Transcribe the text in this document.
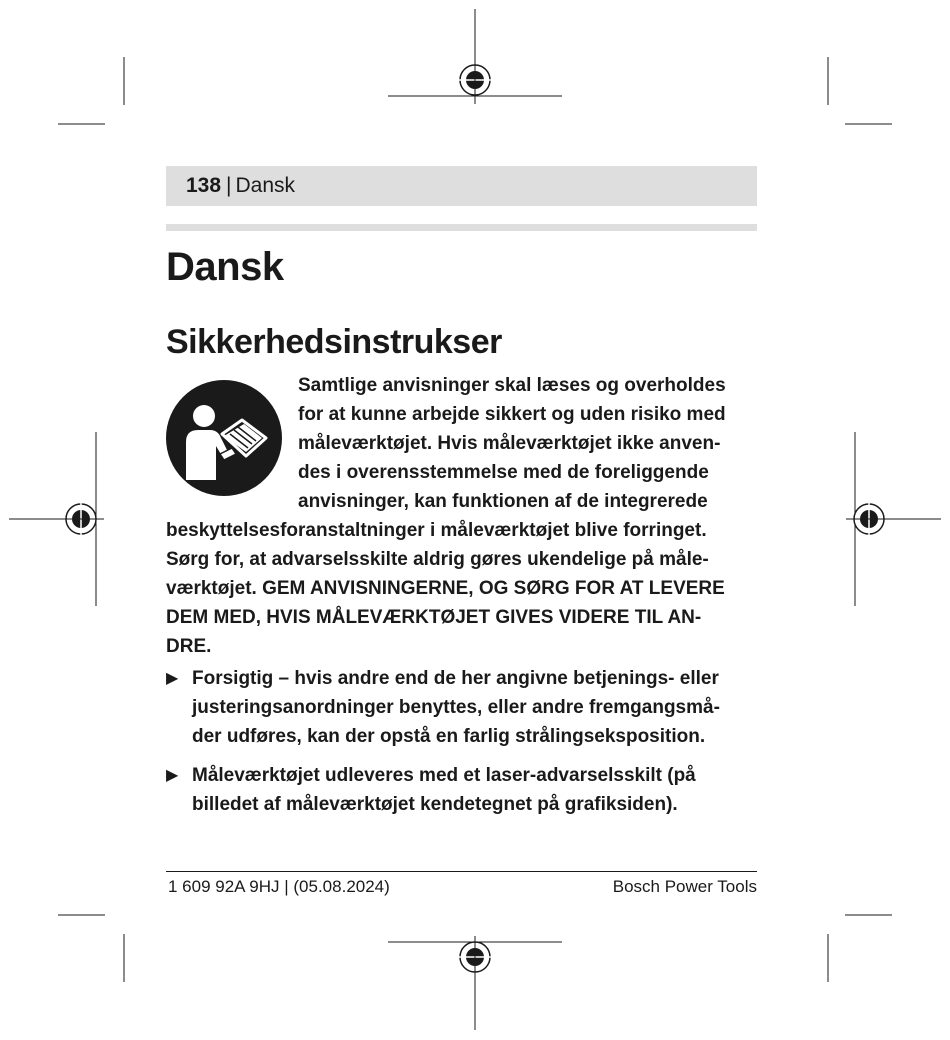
138 | Dansk
Dansk
Sikkerhedsinstrukser

Samtlige anvisninger skal læses og overholdes
for at kunne arbejde sikkert og uden risiko med
måleværktøjet. Hvis måleværktøjet ikke anven-
des i overensstemmelse med de foreliggende
anvisninger, kan funktionen af de integrerede

beskyttelsesforanstaltninger i måleværktøjet blive forringet.
Sørg for, at advarselsskilte aldrig gøres ukendelige på måle-
værktøjet. GEM ANVISNINGERNE, OG SØRG FOR AT LEVERE
DEM MED, HVIS MÅLEVÆRKTØJET GIVES VIDERE TIL AN-
DRE.

▶ Forsigtig – hvis andre end de her angivne betjenings- eller
justeringsanordninger benyttes, eller andre fremgangsmå-
der udføres, kan der opstå en farlig strålingseksposition.
▶ Måleværktøjet udleveres med et laser-advarselsskilt (på
billedet af måleværktøjet kendetegnet på grafiksiden).
1 609 92A 9HJ | (05.08.2024)	Bosch Power Tools
